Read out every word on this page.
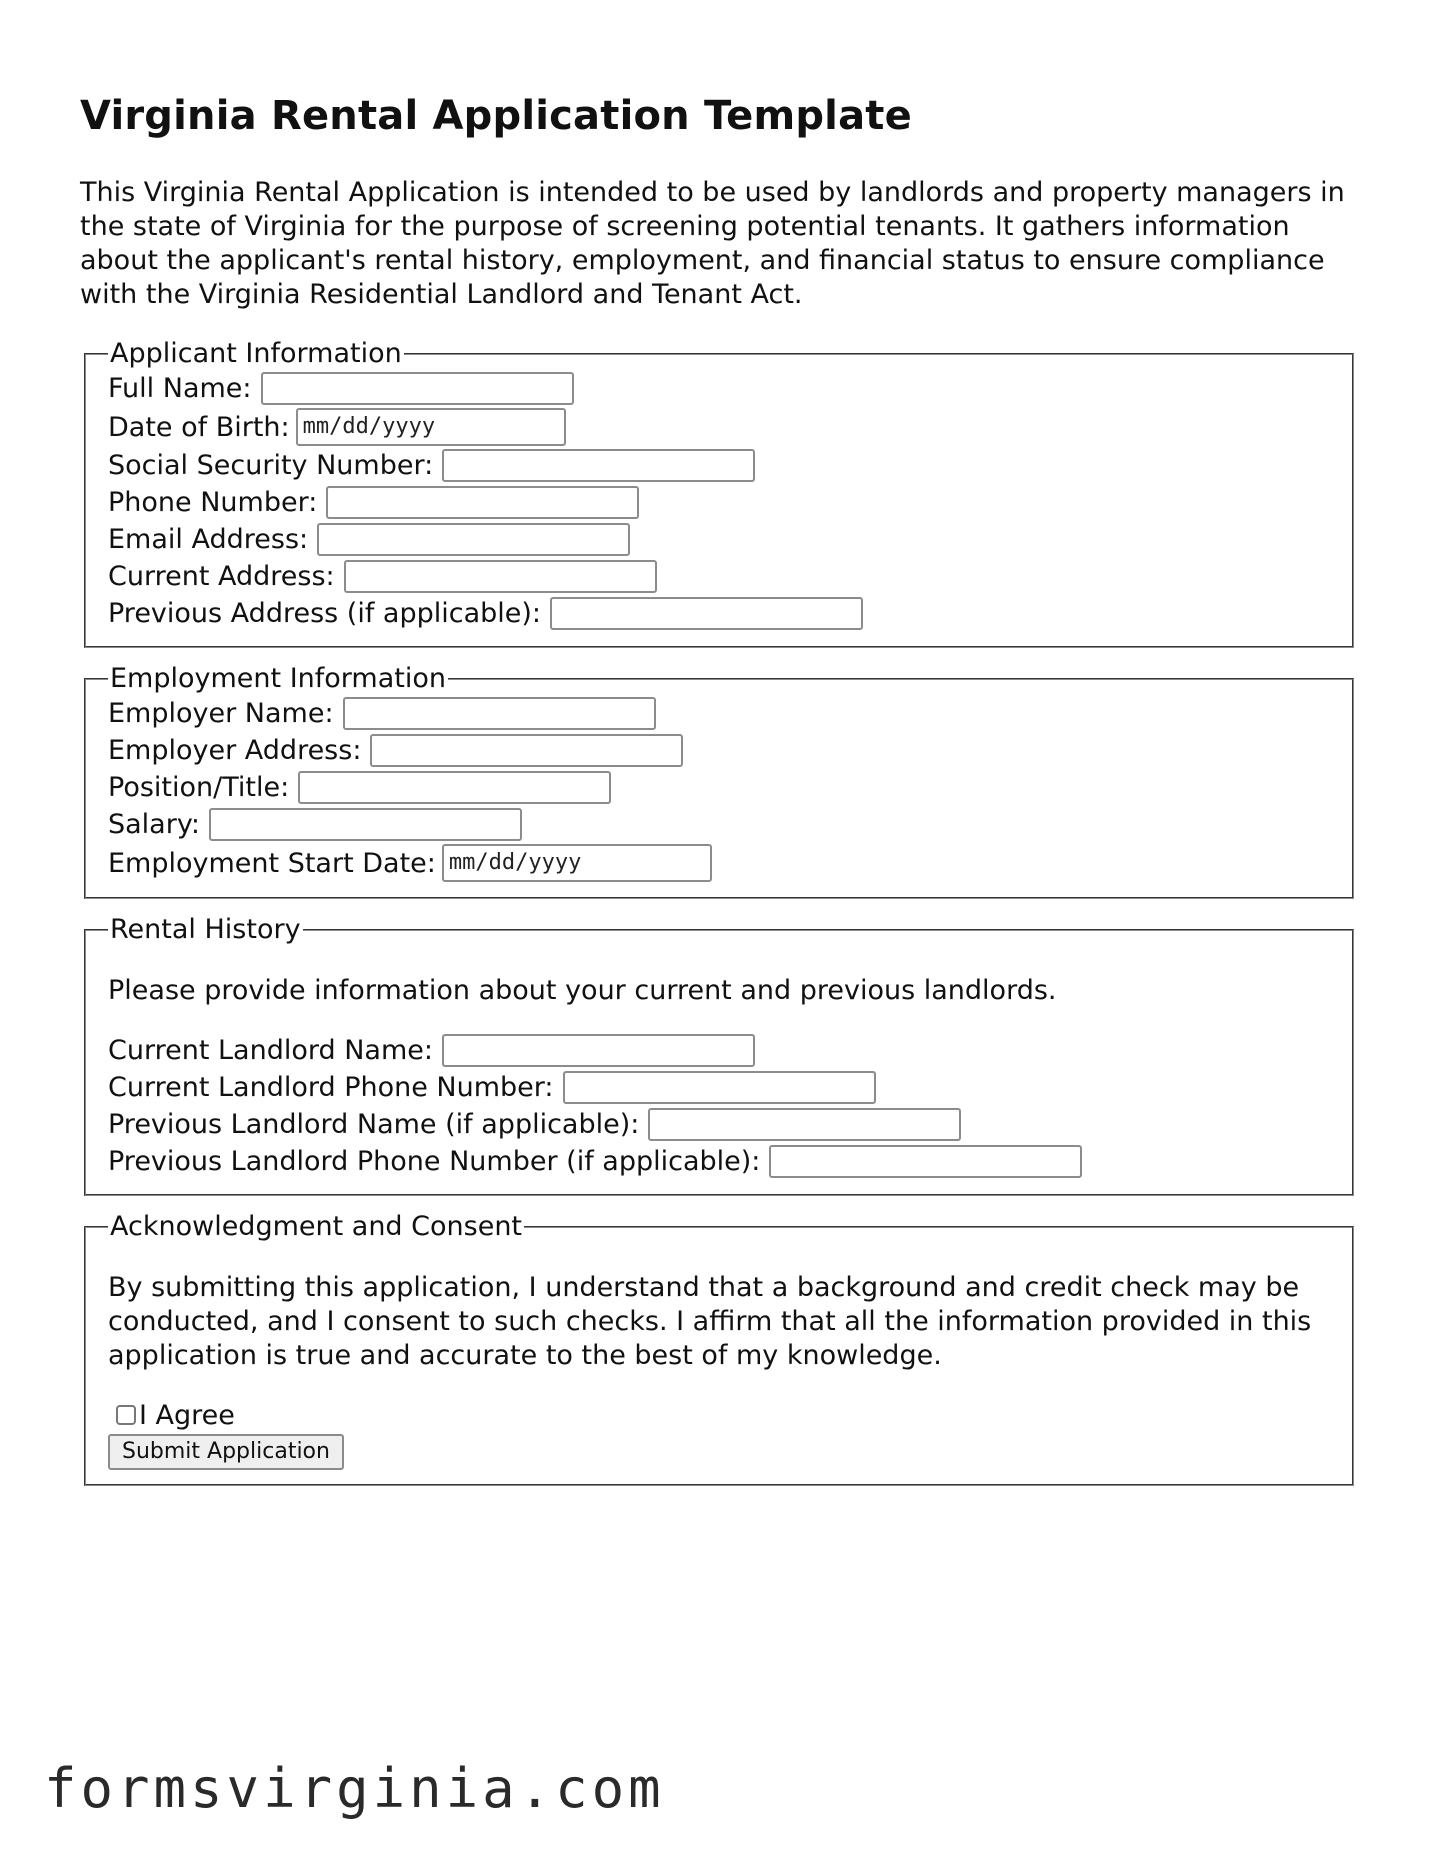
Virginia Rental Application Template

This Virginia Rental Application is intended to be used by landlords and property managers in the state of Virginia for the purpose of screening potential tenants. It gathers information about the applicant's rental history, employment, and financial status to ensure compliance with the Virginia Residential Landlord and Tenant Act.

Applicant Information
Full Name:
Date of Birth: mm/dd/yyyy
Social Security Number:
Phone Number:
Email Address:
Current Address:
Previous Address (if applicable):
Employment Information
Employer Name:
Employer Address:
Position/Title:
Salary:
Employment Start Date: mm/dd/yyyy
Rental History

Please provide information about your current and previous landlords.

Current Landlord Name:
Current Landlord Phone Number:
Previous Landlord Name (if applicable):
Previous Landlord Phone Number (if applicable):
Acknowledgment and Consent

By submitting this application, I understand that a background and credit check may be conducted, and I consent to such checks. I affirm that all the information provided in this application is true and accurate to the best of my knowledge.

I Agree
Submit Application
formsvirginia.com
